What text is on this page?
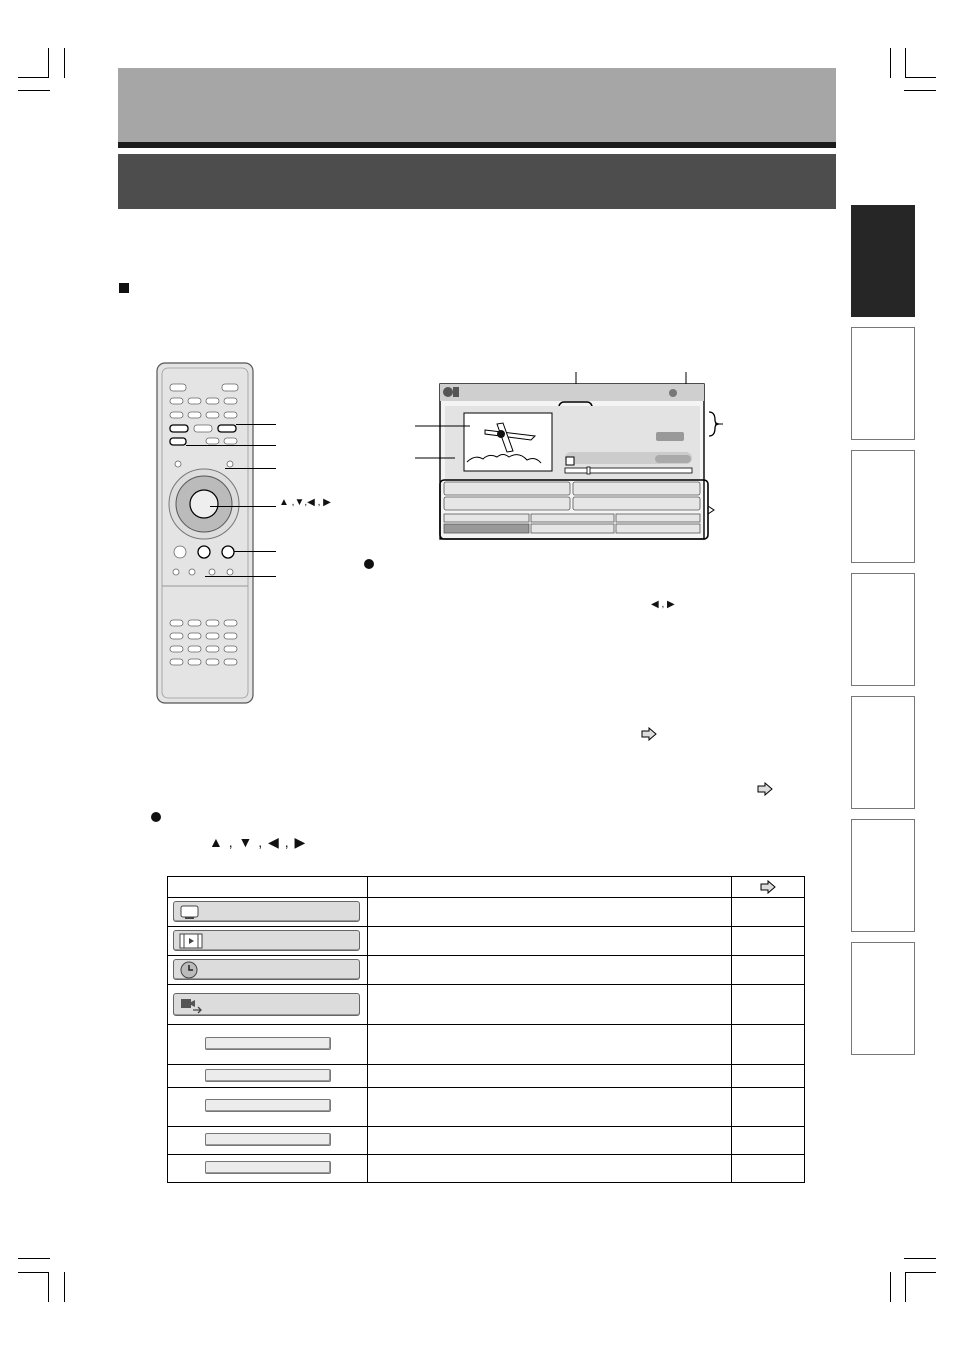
▲ ,▼,◀ , ▶
◀ , ▶
▲ , ▼ , ◀ , ▶
